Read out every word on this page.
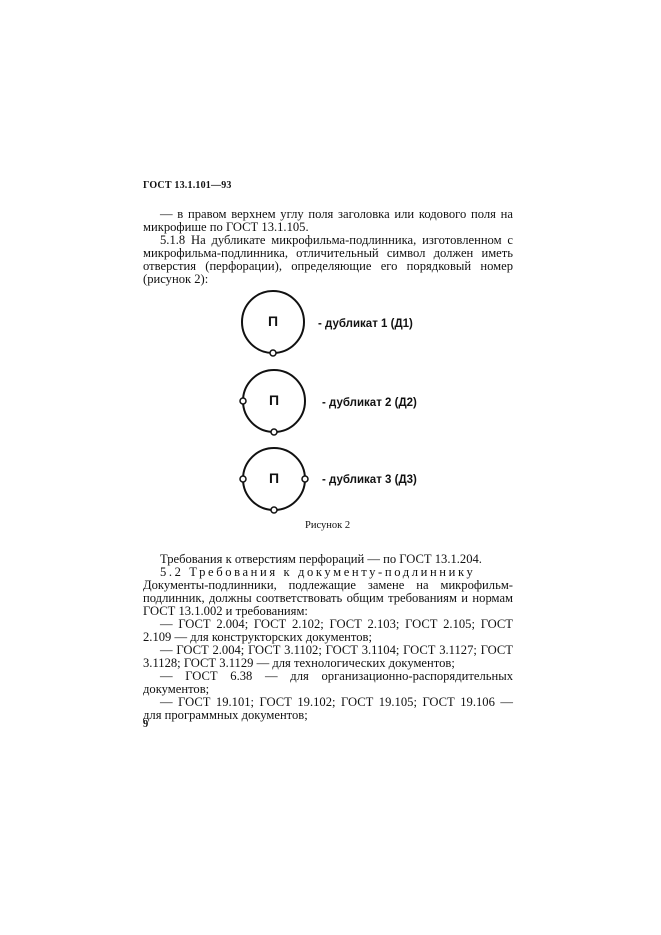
ГОСТ 13.1.101—93

— в правом верхнем углу поля заголовка или кодового поля на микрофише по ГОСТ 13.1.105.

5.1.8 На дубликате микрофильма-подлинника, изготовленном с микрофильма-подлинника, отличительный символ должен иметь отверстия (перфорации), определяющие его порядковый номер (рисунок 2):

П
П
П
- дубликат 1 (Д1)
- дубликат 2 (Д2)
- дубликат 3 (Д3)
Рисунок 2

Требования к отверстиям перфораций — по ГОСТ 13.1.204.

5.2 Требования к документу-подлиннику

Документы-подлинники, подлежащие замене на микрофильм-подлинник, должны соответствовать общим требованиям и нормам ГОСТ 13.1.002 и требованиям:

— ГОСТ 2.004; ГОСТ 2.102; ГОСТ 2.103; ГОСТ 2.105; ГОСТ 2.109 — для конструкторских документов;

— ГОСТ 2.004; ГОСТ 3.1102; ГОСТ 3.1104; ГОСТ 3.1127; ГОСТ 3.1128; ГОСТ 3.1129 — для технологических документов;

— ГОСТ 6.38 — для организационно-распорядительных документов;

— ГОСТ 19.101; ГОСТ 19.102; ГОСТ 19.105; ГОСТ 19.106 — для программных документов;

9
